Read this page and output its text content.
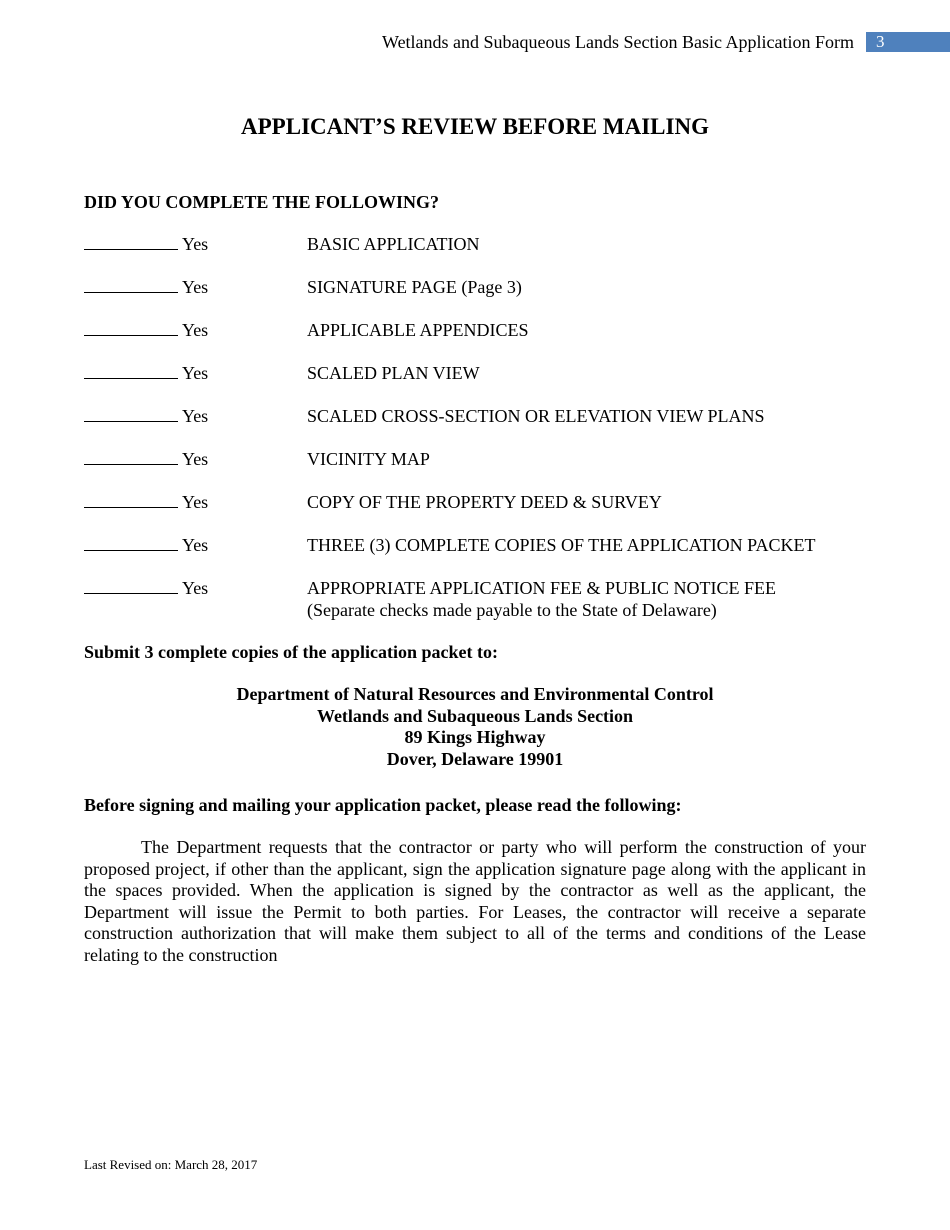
Wetlands and Subaqueous Lands Section Basic Application Form	3
APPLICANT’S REVIEW BEFORE MAILING
DID YOU COMPLETE THE FOLLOWING?
Yes	BASIC APPLICATION
Yes	SIGNATURE PAGE (Page 3)
Yes	APPLICABLE APPENDICES
Yes	SCALED PLAN VIEW
Yes	SCALED CROSS-SECTION OR ELEVATION VIEW PLANS
Yes	VICINITY MAP
Yes	COPY OF THE PROPERTY DEED & SURVEY
Yes	THREE (3) COMPLETE COPIES OF THE APPLICATION PACKET
Yes	APPROPRIATE APPLICATION FEE & PUBLIC NOTICE FEE
(Separate checks made payable to the State of Delaware)
Submit 3 complete copies of the application packet to:
Department of Natural Resources and Environmental Control
Wetlands and Subaqueous Lands Section
89 Kings Highway
Dover, Delaware 19901
Before signing and mailing your application packet, please read the following:

The Department requests that the contractor or party who will perform the construction of your proposed project, if other than the applicant, sign the application signature page along with the applicant in the spaces provided. When the application is signed by the contractor as well as the applicant, the Department will issue the Permit to both parties. For Leases, the contractor will receive a separate construction authorization that will make them subject to all of the terms and conditions of the Lease relating to the construction

Last Revised on: March 28, 2017
